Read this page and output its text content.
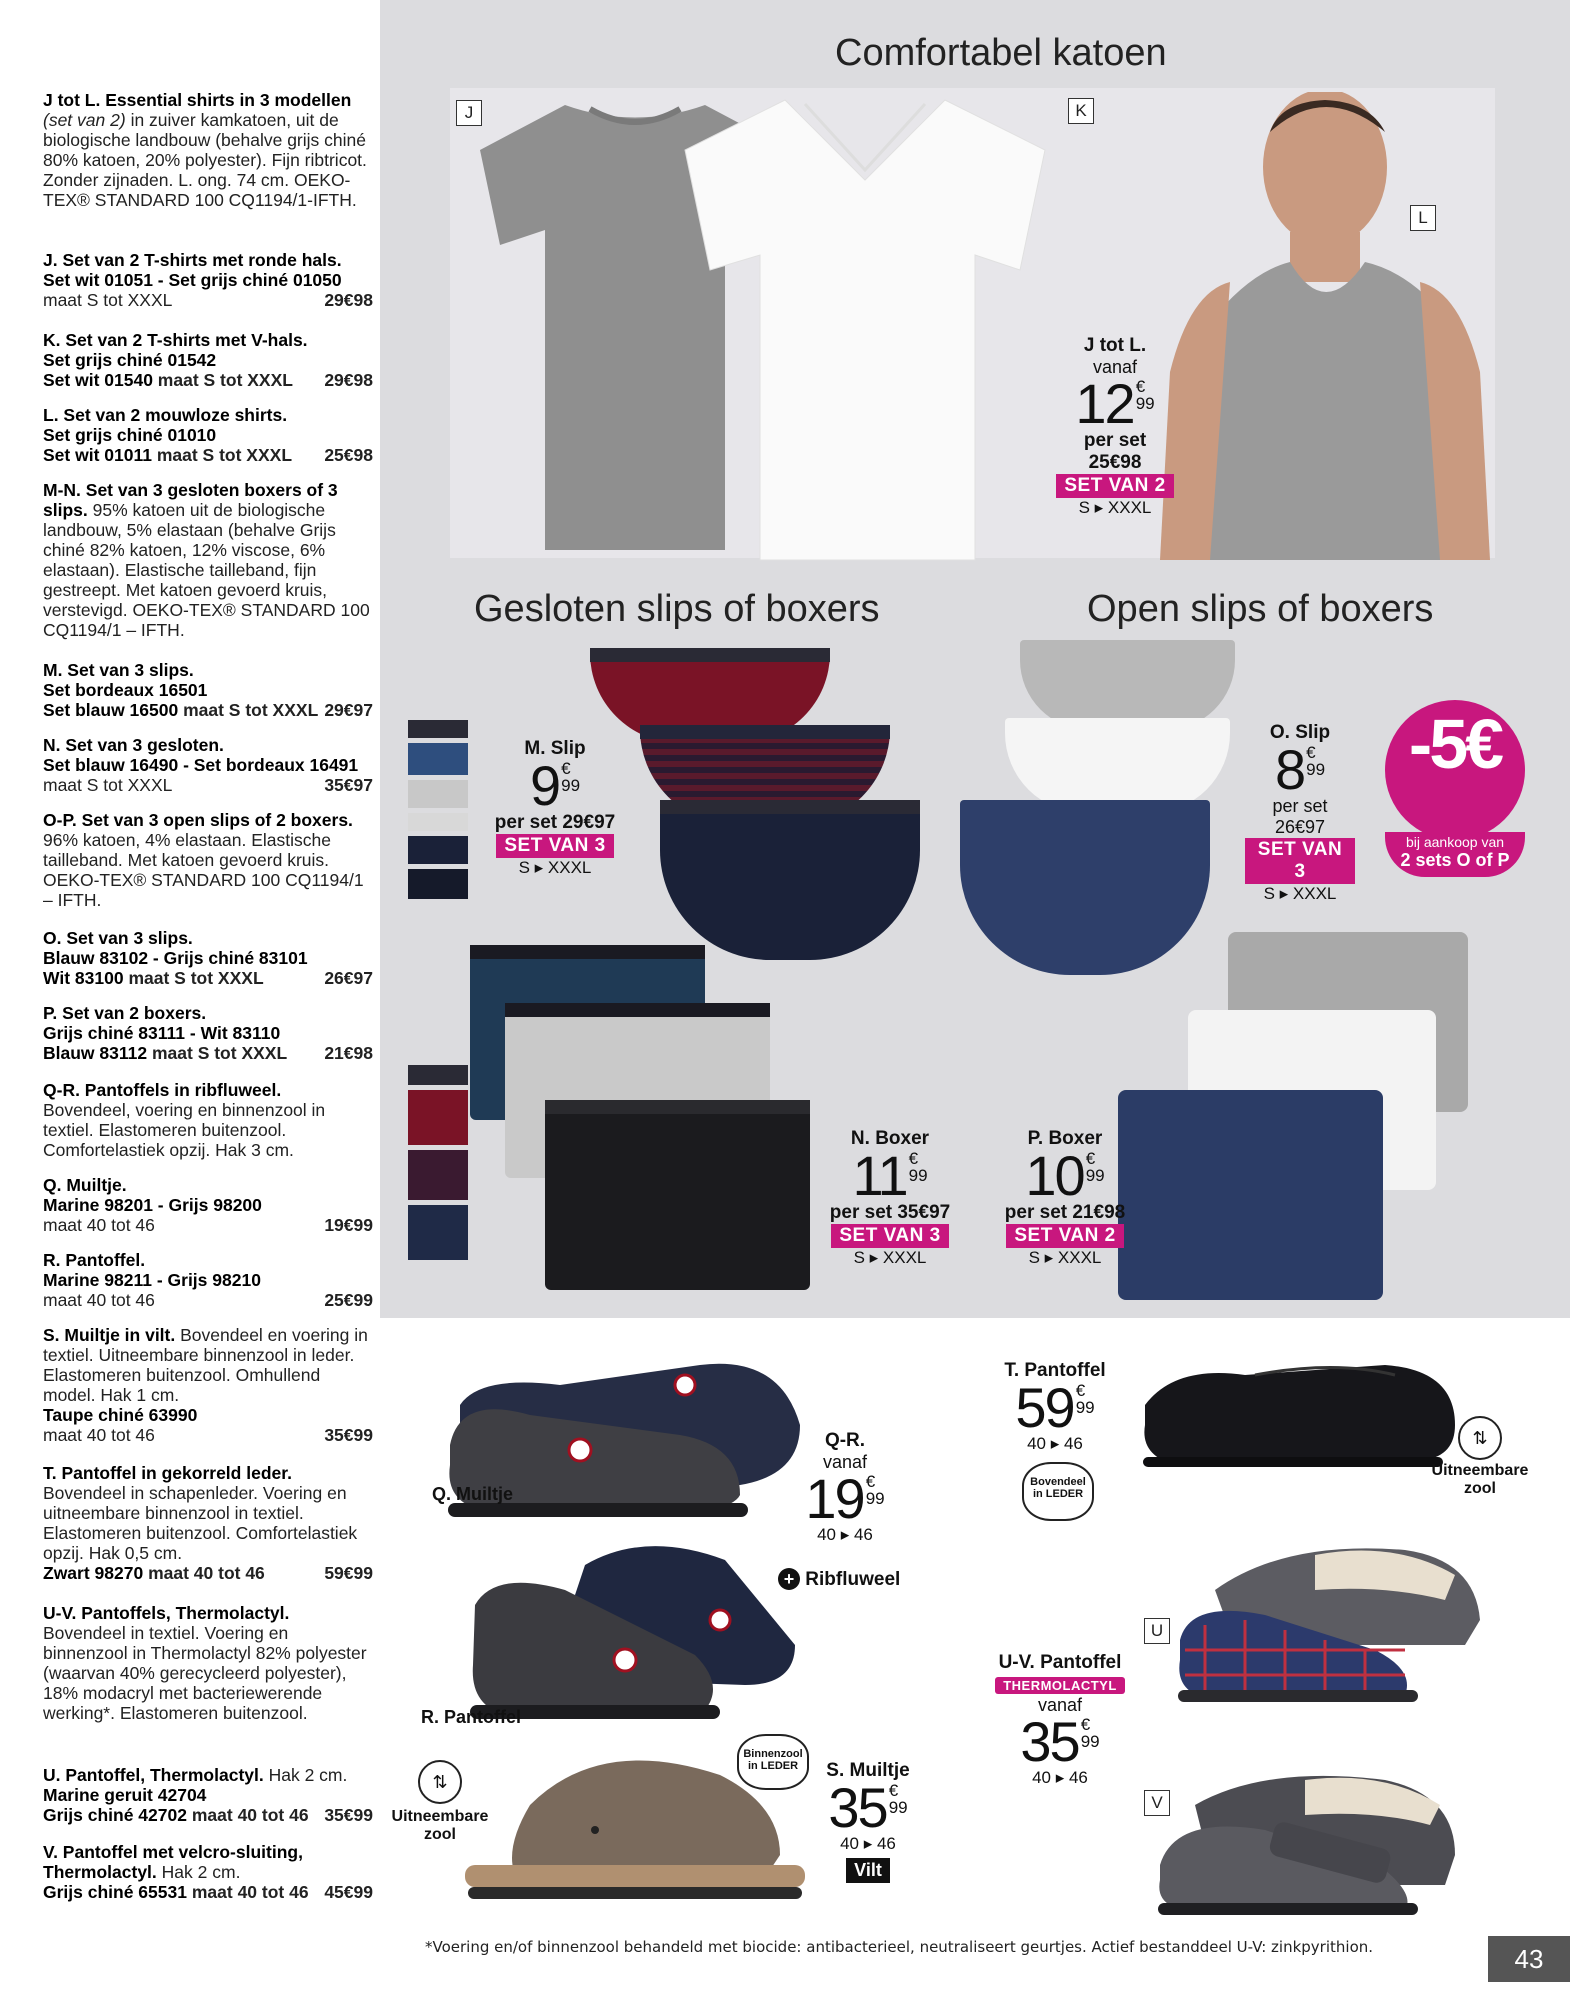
J tot L. Essential shirts in 3 modellen (set van 2) in zuiver kamkatoen, uit de biologische landbouw (behalve grijs chiné 80% katoen, 20% polyester). Fijn ribtricot. Zonder zijnaden. L. ong. 74 cm. OEKO-TEX® STANDARD 100 CQ1194/1-IFTH.
J. Set van 2 T-shirts met ronde hals.
Set wit 01051 - Set grijs chiné 01050
maat S tot XXXL	29€98
K. Set van 2 T-shirts met V-hals.
Set grijs chiné 01542
Set wit 01540 maat S tot XXXL 29€98
L. Set van 2 mouwloze shirts.
Set grijs chiné 01010
Set wit 01011 maat S tot XXXL 25€98
M-N. Set van 3 gesloten boxers of 3 slips. 95% katoen uit de biologische landbouw, 5% elastaan (behalve Grijs chiné 82% katoen, 12% viscose, 6% elastaan). Elastische tailleband, fijn gestreept. Met katoen gevoerd kruis, verstevigd. OEKO-TEX® STANDARD 100 CQ1194/1 – IFTH.
M. Set van 3 slips.
Set bordeaux 16501
Set blauw 16500 maat S tot XXXL 29€97
N. Set van 3 gesloten.
Set blauw 16490 - Set bordeaux 16491
maat S tot XXXL	35€97
O-P. Set van 3 open slips of 2 boxers. 96% katoen, 4% elastaan. Elastische tailleband. Met katoen gevoerd kruis. OEKO-TEX® STANDARD 100 CQ1194/1 – IFTH.
O. Set van 3 slips.
Blauw 83102 - Grijs chiné 83101
Wit 83100 maat S tot XXXL	26€97
P. Set van 2 boxers.
Grijs chiné 83111 - Wit 83110
Blauw 83112 maat S tot XXXL 21€98
Q-R. Pantoffels in ribfluweel.
Bovendeel, voering en binnenzool in textiel. Elastomeren buitenzool. Comfortelastiek opzij. Hak 3 cm.
Q. Muiltje.
Marine 98201 - Grijs 98200
maat 40 tot 46	19€99
R. Pantoffel.
Marine 98211 - Grijs 98210
maat 40 tot 46	25€99
S. Muiltje in vilt. Bovendeel en voering in textiel. Uitneembare binnenzool in leder. Elastomeren buitenzool. Omhullend model. Hak 1 cm.
Taupe chiné 63990
maat 40 tot 46	35€99
T. Pantoffel in gekorreld leder.
Bovendeel in schapenleder. Voering en uitneembare binnenzool in textiel. Elastomeren buitenzool. Comfortelastiek opzij. Hak 0,5 cm.
Zwart 98270 maat 40 tot 46	59€99
U-V. Pantoffels, Thermolactyl.
Bovendeel in textiel. Voering en binnenzool in Thermolactyl 82% polyester (waarvan 40% gerecycleerd polyester), 18% modacryl met bacteriewerende werking*. Elastomeren buitenzool.
U. Pantoffel, Thermolactyl. Hak 2 cm.
Marine geruit 42704
Grijs chiné 42702 maat 40 tot 46 35€99
V. Pantoffel met velcro-sluiting, Thermolactyl. Hak 2 cm.
Grijs chiné 65531 maat 40 tot 46 45€99
Comfortabel katoen
Gesloten slips of boxers	Open slips of boxers
J	K
L
J tot L.
vanaf
12 €
99
per set
25€98
SET VAN 2
S ▸ XXXL
M. Slip
9 €
99
per set 29€97
SET VAN 3
S ▸ XXXL
O. Slip
8 €
99
per set
26€97
SET VAN 3
S ▸ XXXL
-5€
bij aankoop van
2 sets O of P
N. Boxer
11 €
99
per set 35€97
SET VAN 3
S ▸ XXXL
P. Boxer
10 €
99
per set 21€98
SET VAN 2
S ▸ XXXL
Q. Muiltje
R. Pantoffel
Q-R.
vanaf
19 €
99
40 ▸ 46
+ Ribfluweel
Binnenzool in LEDER	S. Muiltje
35 €
99
40 ▸ 46
Vilt
⇅
Uitneembare
zool
T. Pantoffel
59 €
99
40 ▸ 46
Bovendeel in LEDER
⇅
Uitneembare
zool
U
V
U-V. Pantoffel
THERMOLACTYL
vanaf
35 €
99
40 ▸ 46
*Voering en/of binnenzool behandeld met biocide: antibacterieel, neutraliseert geurtjes. Actief bestanddeel U-V: zinkpyrithion.	43
